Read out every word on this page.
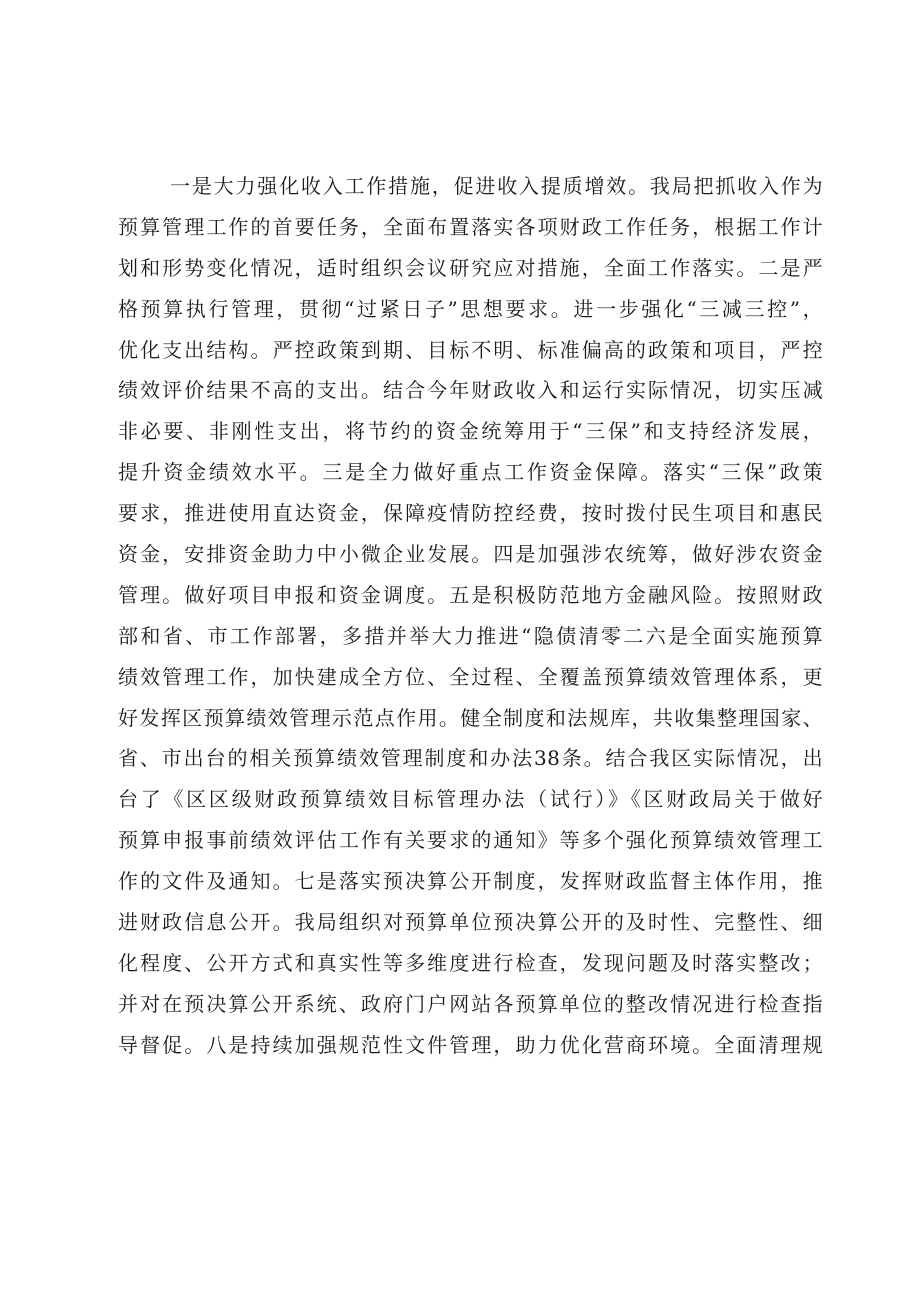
一是大力强化收入工作措施，促进收入提质增效。我局把抓收入作为
预算管理工作的首要任务，全面布置落实各项财政工作任务，根据工作计
划和形势变化情况，适时组织会议研究应对措施，全面工作落实。二是严
格预算执行管理，贯彻“过紧日子”思想要求。进一步强化“三减三控”，
优化支出结构。严控政策到期、目标不明、标准偏高的政策和项目，严控
绩效评价结果不高的支出。结合今年财政收入和运行实际情况，切实压减
非必要、非刚性支出，将节约的资金统筹用于“三保”和支持经济发展，
提升资金绩效水平。三是全力做好重点工作资金保障。落实“三保”政策
要求，推进使用直达资金，保障疫情防控经费，按时拨付民生项目和惠民
资金，安排资金助力中小微企业发展。四是加强涉农统筹，做好涉农资金
管理。做好项目申报和资金调度。五是积极防范地方金融风险。按照财政
部和省、市工作部署，多措并举大力推进“隐债清零二六是全面实施预算
绩效管理工作，加快建成全方位、全过程、全覆盖预算绩效管理体系，更
好发挥区预算绩效管理示范点作用。健全制度和法规库，共收集整理国家、
省、市出台的相关预算绩效管理制度和办法38条。结合我区实际情况，出
台了《区区级财政预算绩效目标管理办法（试行）》《区财政局关于做好
预算申报事前绩效评估工作有关要求的通知》等多个强化预算绩效管理工
作的文件及通知。七是落实预决算公开制度，发挥财政监督主体作用，推
进财政信息公开。我局组织对预算单位预决算公开的及时性、完整性、细
化程度、公开方式和真实性等多维度进行检查，发现问题及时落实整改；
并对在预决算公开系统、政府门户网站各预算单位的整改情况进行检查指
导督促。八是持续加强规范性文件管理，助力优化营商环境。全面清理规
